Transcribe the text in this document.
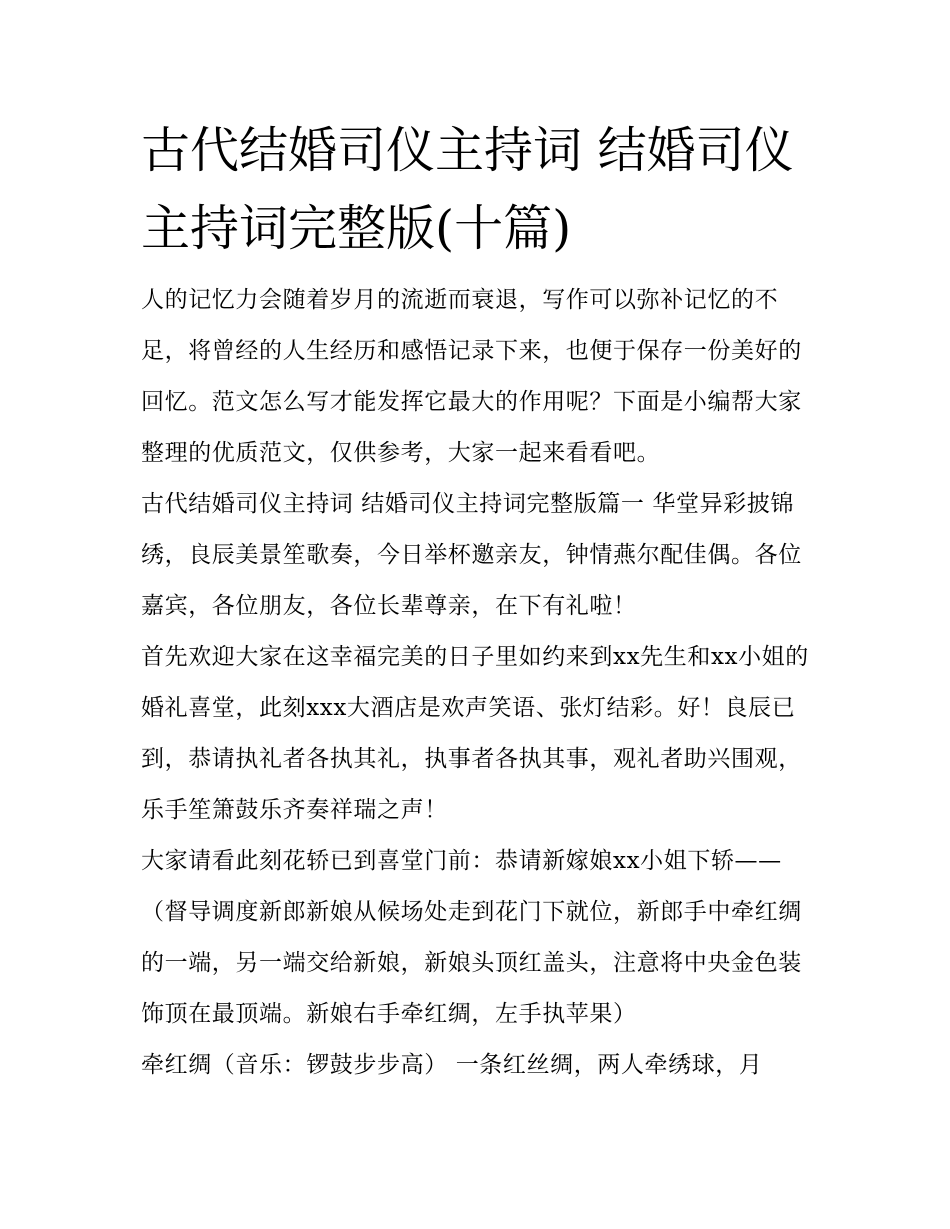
古代结婚司仪主持词 结婚司仪主持词完整版(十篇)

人的记忆力会随着岁月的流逝而衰退，写作可以弥补记忆的不足，将曾经的人生经历和感悟记录下来，也便于保存一份美好的回忆。范文怎么写才能发挥它最大的作用呢？下面是小编帮大家整理的优质范文，仅供参考，大家一起来看看吧。

古代结婚司仪主持词 结婚司仪主持词完整版篇一 华堂异彩披锦绣，良辰美景笙歌奏，今日举杯邀亲友，钟情燕尔配佳偶。各位嘉宾，各位朋友，各位长辈尊亲，在下有礼啦！

首先欢迎大家在这幸福完美的日子里如约来到xx先生和xx小姐的婚礼喜堂，此刻xxx大酒店是欢声笑语、张灯结彩。好！良辰已到，恭请执礼者各执其礼，执事者各执其事，观礼者助兴围观，乐手笙箫鼓乐齐奏祥瑞之声！

大家请看此刻花轿已到喜堂门前：恭请新嫁娘xx小姐下轿——（督导调度新郎新娘从候场处走到花门下就位，新郎手中牵红绸的一端，另一端交给新娘，新娘头顶红盖头，注意将中央金色装饰顶在最顶端。新娘右手牵红绸，左手执苹果）

牵红绸（音乐：锣鼓步步高） 一条红丝绸，两人牵绣球，月
